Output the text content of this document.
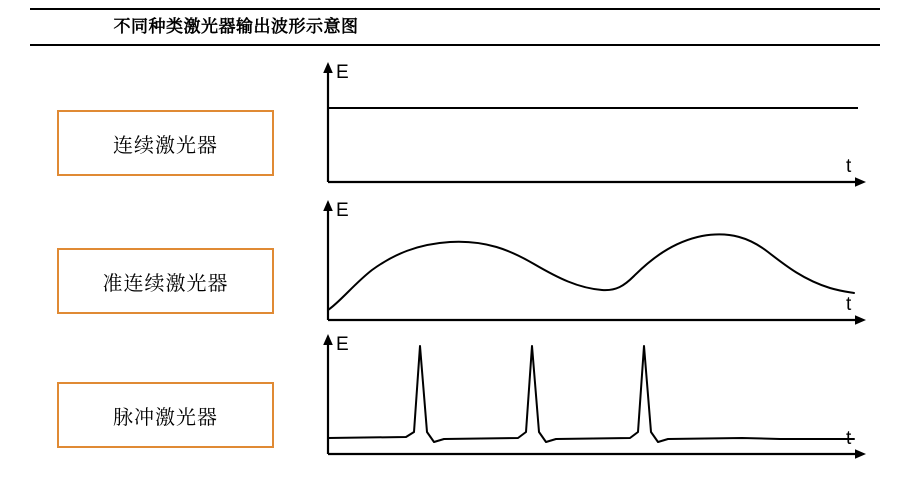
不同种类激光器输出波形示意图
连续激光器
准连续激光器
脉冲激光器
E
t
E
t
E
t
